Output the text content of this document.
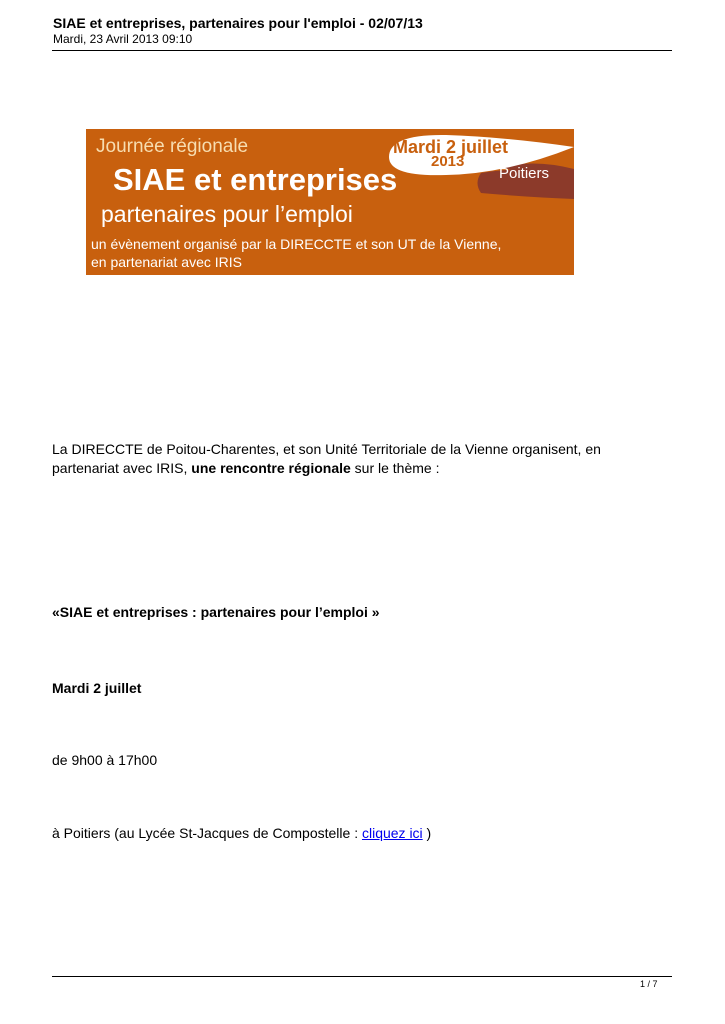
SIAE et entreprises, partenaires pour l'emploi - 02/07/13
Mardi, 23 Avril 2013 09:10
Journée régionale
SIAE et entreprises
partenaires pour l’emploi
un évènement organisé par la DIRECCTE et son UT de la Vienne,
en partenariat avec IRIS
Mardi 2 juillet
2013
Poitiers
La DIRECCTE de Poitou-Charentes, et son Unité Territoriale de la Vienne organisent, en partenariat avec IRIS, une rencontre régionale sur le thème :
«SIAE et entreprises : partenaires pour l’emploi »
Mardi 2 juillet
de 9h00 à 17h00
à Poitiers (au Lycée St-Jacques de Compostelle : cliquez ici )
1 / 7
